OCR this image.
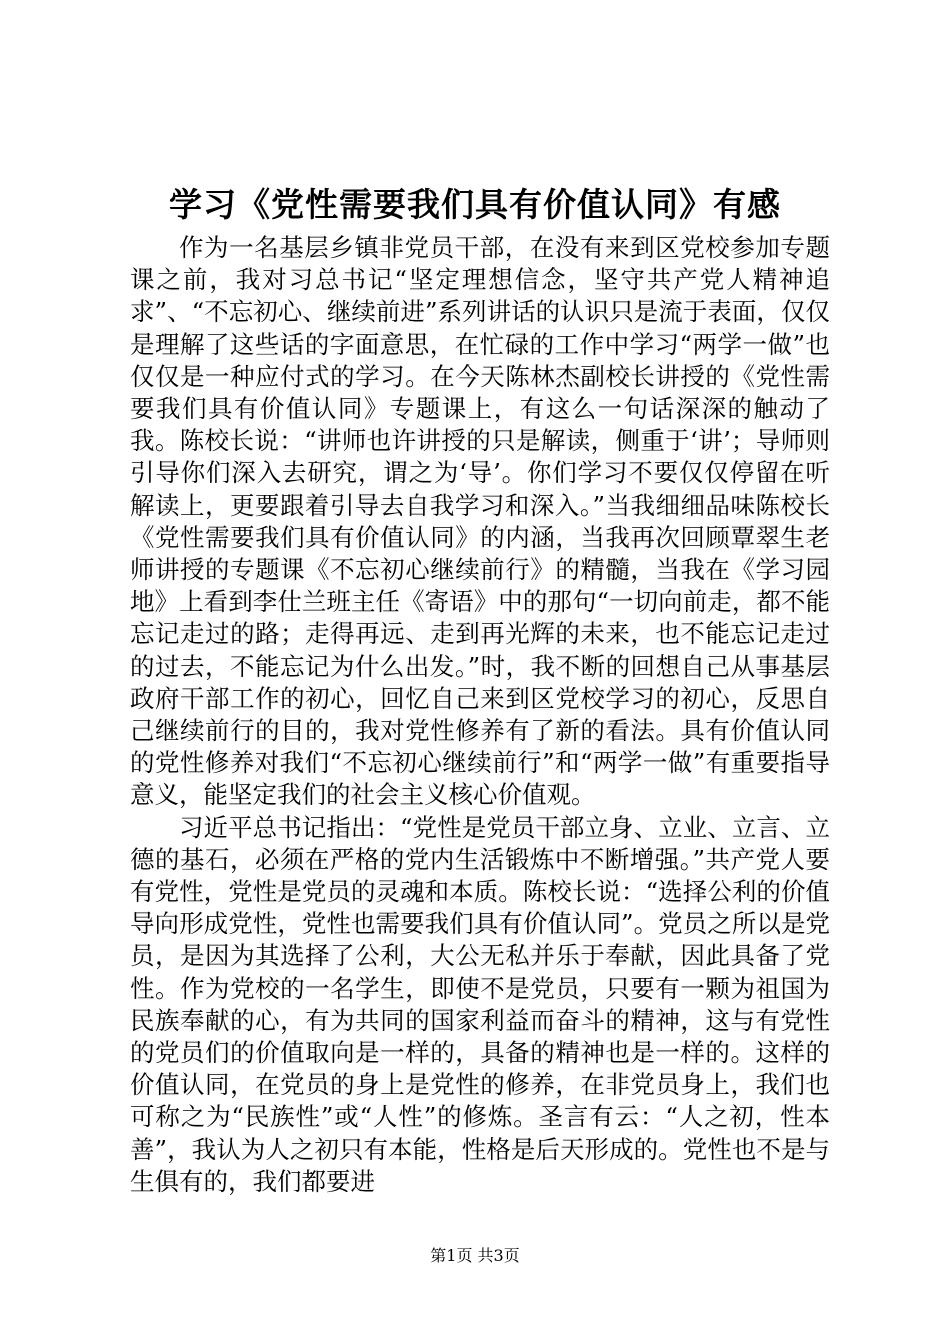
学习《党性需要我们具有价值认同》有感

作为一名基层乡镇非党员干部，在没有来到区党校参加专题课之前，我对习总书记“坚定理想信念，坚守共产党人精神追求”、“不忘初心、继续前进”系列讲话的认识只是流于表面，仅仅是理解了这些话的字面意思，在忙碌的工作中学习“两学一做”也仅仅是一种应付式的学习。在今天陈林杰副校长讲授的《党性需要我们具有价值认同》专题课上，有这么一句话深深的触动了我。陈校长说：“讲师也许讲授的只是解读，侧重于‘讲’；导师则引导你们深入去研究，谓之为‘导’。你们学习不要仅仅停留在听解读上，更要跟着引导去自我学习和深入。”当我细细品味陈校长《党性需要我们具有价值认同》的内涵，当我再次回顾覃翠生老师讲授的专题课《不忘初心继续前行》的精髓，当我在《学习园地》上看到李仕兰班主任《寄语》中的那句“一切向前走，都不能忘记走过的路；走得再远、走到再光辉的未来，也不能忘记走过的过去，不能忘记为什么出发。”时，我不断的回想自己从事基层政府干部工作的初心，回忆自己来到区党校学习的初心，反思自己继续前行的目的，我对党性修养有了新的看法。具有价值认同的党性修养对我们“不忘初心继续前行”和“两学一做”有重要指导意义，能坚定我们的社会主义核心价值观。

习近平总书记指出：“党性是党员干部立身、立业、立言、立德的基石，必须在严格的党内生活锻炼中不断增强。”共产党人要有党性，党性是党员的灵魂和本质。陈校长说：“选择公利的价值导向形成党性，党性也需要我们具有价值认同”。党员之所以是党员，是因为其选择了公利，大公无私并乐于奉献，因此具备了党性。作为党校的一名学生，即使不是党员，只要有一颗为祖国为民族奉献的心，有为共同的国家利益而奋斗的精神，这与有党性的党员们的价值取向是一样的，具备的精神也是一样的。这样的价值认同，在党员的身上是党性的修养，在非党员身上，我们也可称之为“民族性”或“人性”的修炼。圣言有云：“人之初，性本善”，我认为人之初只有本能，性格是后天形成的。党性也不是与生俱有的，我们都要进

第1页 共3页
